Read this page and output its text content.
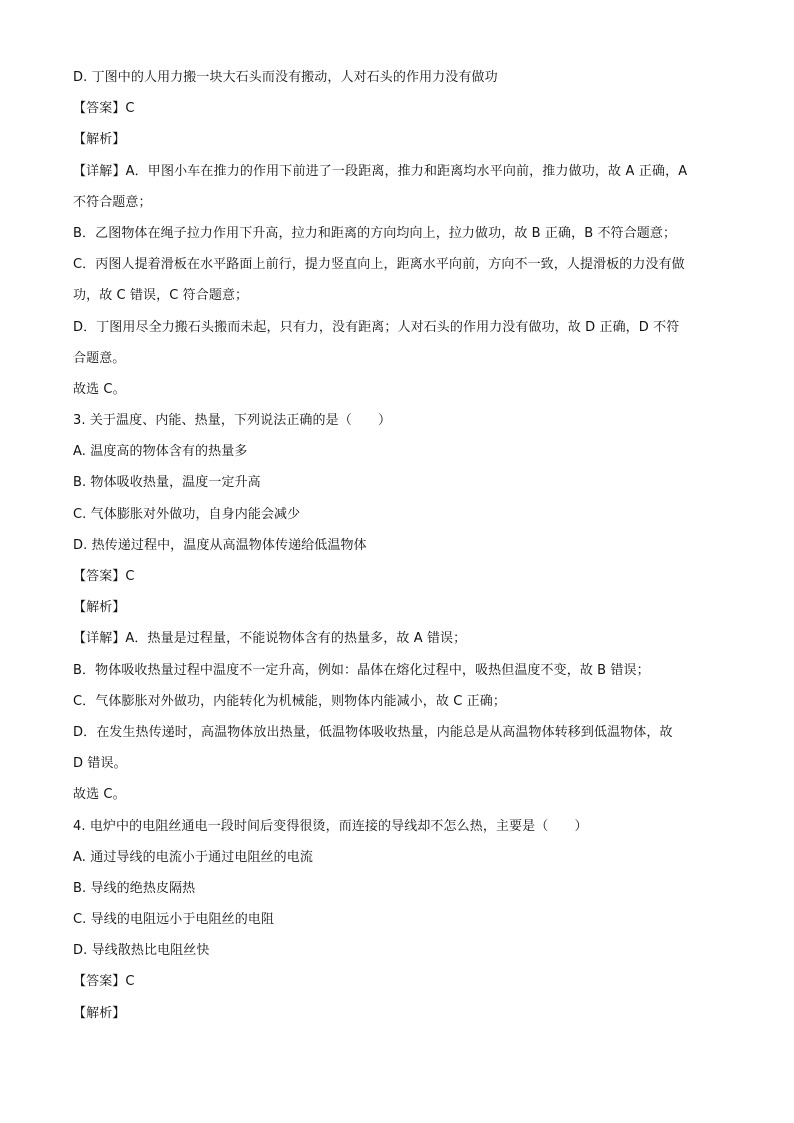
D. 丁图中的人用力搬一块大石头而没有搬动，人对石头的作用力没有做功
【答案】C
【解析】
【详解】A．甲图小车在推力的作用下前进了一段距离，推力和距离均水平向前，推力做功，故 A 正确，A
不符合题意；
B．乙图物体在绳子拉力作用下升高，拉力和距离的方向均向上，拉力做功，故 B 正确，B 不符合题意；
C．丙图人提着滑板在水平路面上前行，提力竖直向上，距离水平向前，方向不一致，人提滑板的力没有做
功，故 C 错误，C 符合题意；
D．丁图用尽全力搬石头搬而未起，只有力，没有距离；人对石头的作用力没有做功，故 D 正确，D 不符
合题意。
故选 C。
3. 关于温度、内能、热量，下列说法正确的是（　　）
A. 温度高的物体含有的热量多
B. 物体吸收热量，温度一定升高
C. 气体膨胀对外做功，自身内能会减少
D. 热传递过程中，温度从高温物体传递给低温物体
【答案】C
【解析】
【详解】A．热量是过程量，不能说物体含有的热量多，故 A 错误；
B．物体吸收热量过程中温度不一定升高，例如：晶体在熔化过程中，吸热但温度不变，故 B 错误；
C．气体膨胀对外做功，内能转化为机械能，则物体内能减小，故 C 正确；
D．在发生热传递时，高温物体放出热量，低温物体吸收热量，内能总是从高温物体转移到低温物体，故
D 错误。
故选 C。
4. 电炉中的电阻丝通电一段时间后变得很烫，而连接的导线却不怎么热，主要是（　　）
A. 通过导线的电流小于通过电阻丝的电流
B. 导线的绝热皮隔热
C. 导线的电阻远小于电阻丝的电阻
D. 导线散热比电阻丝快
【答案】C
【解析】
